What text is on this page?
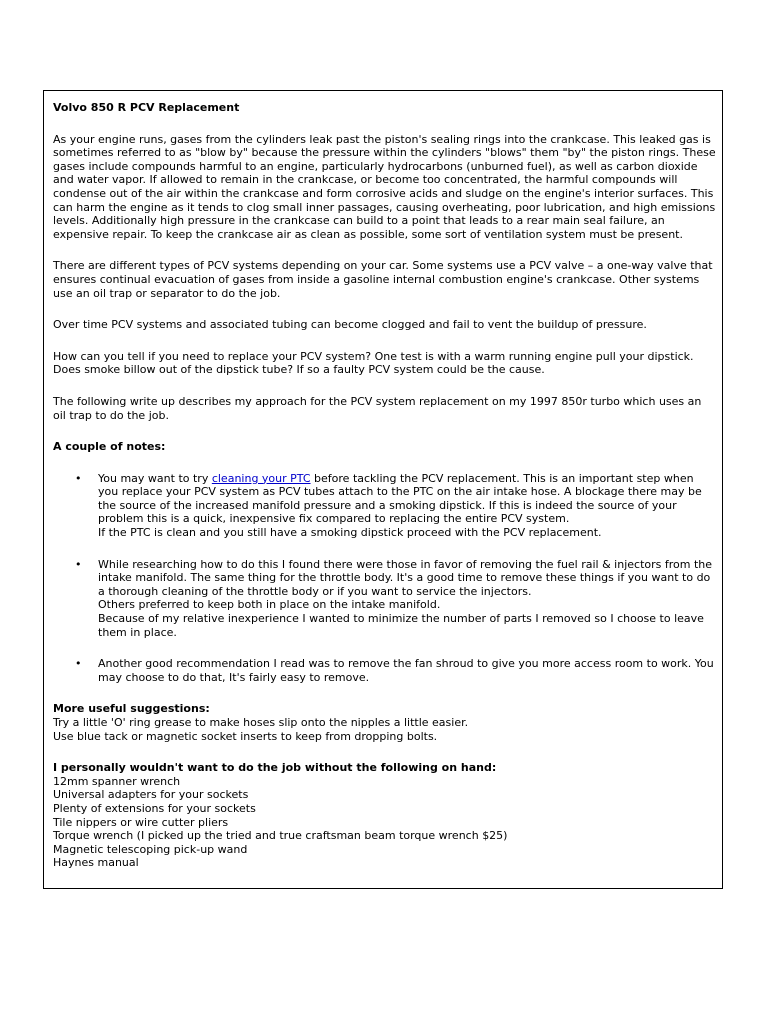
Volvo 850 R PCV Replacement

As your engine runs, gases from the cylinders leak past the piston's sealing rings into the crankcase. This leaked gas is sometimes referred to as "blow by" because the pressure within the cylinders "blows" them "by" the piston rings. These gases include compounds harmful to an engine, particularly hydrocarbons (unburned fuel), as well as carbon dioxide and water vapor. If allowed to remain in the crankcase, or become too concentrated, the harmful compounds will condense out of the air within the crankcase and form corrosive acids and sludge on the engine's interior surfaces. This can harm the engine as it tends to clog small inner passages, causing overheating, poor lubrication, and high emissions levels. Additionally high pressure in the crankcase can build to a point that leads to a rear main seal failure, an expensive repair. To keep the crankcase air as clean as possible, some sort of ventilation system must be present.

There are different types of PCV systems depending on your car. Some systems use a PCV valve – a one-way valve that ensures continual evacuation of gases from inside a gasoline internal combustion engine's crankcase. Other systems use an oil trap or separator to do the job.

Over time PCV systems and associated tubing can become clogged and fail to vent the buildup of pressure.

How can you tell if you need to replace your PCV system? One test is with a warm running engine pull your dipstick. Does smoke billow out of the dipstick tube? If so a faulty PCV system could be the cause.

The following write up describes my approach for the PCV system replacement on my 1997 850r turbo which uses an oil trap to do the job.

A couple of notes:
• You may want to try cleaning your PTC before tackling the PCV replacement. This is an important step when you replace your PCV system as PCV tubes attach to the PTC on the air intake hose. A blockage there may be the source of the increased manifold pressure and a smoking dipstick. If this is indeed the source of your problem this is a quick, inexpensive fix compared to replacing the entire PCV system.
If the PTC is clean and you still have a smoking dipstick proceed with the PCV replacement.
• While researching how to do this I found there were those in favor of removing the fuel rail & injectors from the intake manifold. The same thing for the throttle body. It's a good time to remove these things if you want to do a thorough cleaning of the throttle body or if you want to service the injectors.
Others preferred to keep both in place on the intake manifold.
Because of my relative inexperience I wanted to minimize the number of parts I removed so I choose to leave them in place.
• Another good recommendation I read was to remove the fan shroud to give you more access room to work. You may choose to do that, It's fairly easy to remove.
More useful suggestions:
Try a little 'O' ring grease to make hoses slip onto the nipples a little easier.
Use blue tack or magnetic socket inserts to keep from dropping bolts.
I personally wouldn't want to do the job without the following on hand:
12mm spanner wrench
Universal adapters for your sockets
Plenty of extensions for your sockets
Tile nippers or wire cutter pliers
Torque wrench (I picked up the tried and true craftsman beam torque wrench $25)
Magnetic telescoping pick-up wand
Haynes manual
